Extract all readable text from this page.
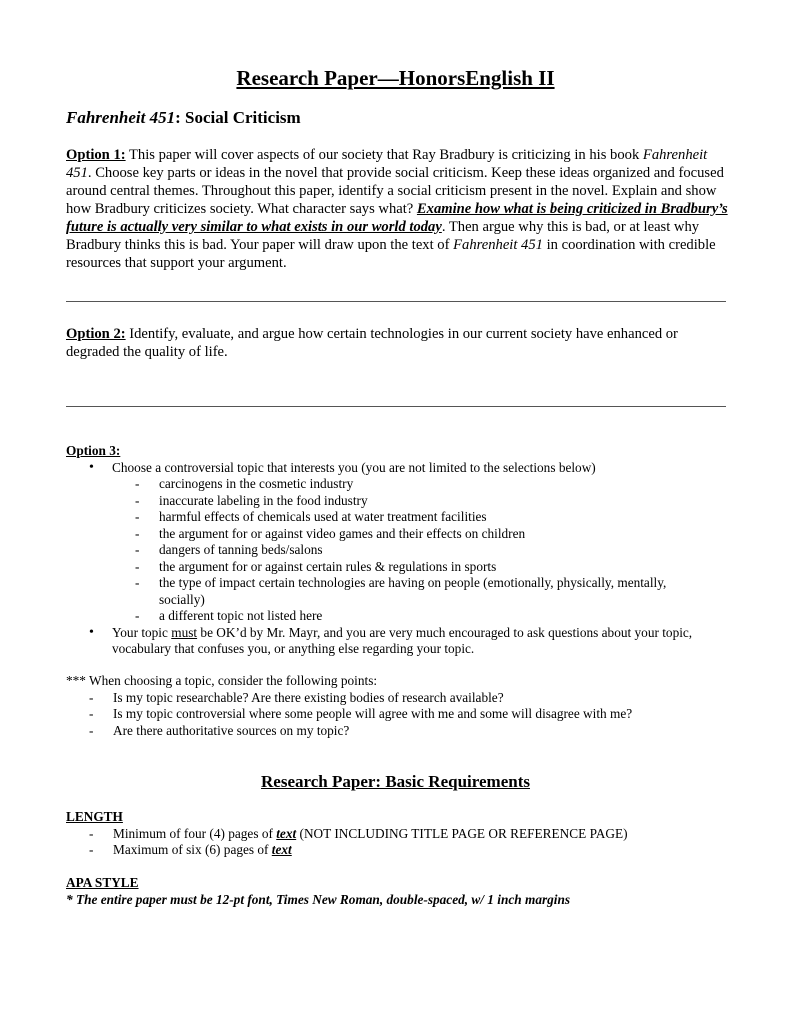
Research Paper—HonorsEnglish II
Fahrenheit 451: Social Criticism
Option 1: This paper will cover aspects of our society that Ray Bradbury is criticizing in his book Fahrenheit 451. Choose key parts or ideas in the novel that provide social criticism. Keep these ideas organized and focused around central themes. Throughout this paper, identify a social criticism present in the novel. Explain and show how Bradbury criticizes society. What character says what? Examine how what is being criticized in Bradbury’s future is actually very similar to what exists in our world today. Then argue why this is bad, or at least why Bradbury thinks this is bad. Your paper will draw upon the text of Fahrenheit 451 in coordination with credible resources that support your argument.
Option 2: Identify, evaluate, and argue how certain technologies in our current society have enhanced or degraded the quality of life.
Option 3:
• Choose a controversial topic that interests you (you are not limited to the selections below)
- carcinogens in the cosmetic industry
- inaccurate labeling in the food industry
- harmful effects of chemicals used at water treatment facilities
- the argument for or against video games and their effects on children
- dangers of tanning beds/salons
- the argument for or against certain rules & regulations in sports
- the type of impact certain technologies are having on people (emotionally, physically, mentally, socially)
- a different topic not listed here
• Your topic must be OK’d by Mr. Mayr, and you are very much encouraged to ask questions about your topic, vocabulary that confuses you, or anything else regarding your topic.
*** When choosing a topic, consider the following points:
- Is my topic researchable? Are there existing bodies of research available?
- Is my topic controversial where some people will agree with me and some will disagree with me?
- Are there authoritative sources on my topic?
Research Paper: Basic Requirements
LENGTH
- Minimum of four (4) pages of text (NOT INCLUDING TITLE PAGE OR REFERENCE PAGE)
- Maximum of six (6) pages of text
APA STYLE
* The entire paper must be 12-pt font, Times New Roman, double-spaced, w/ 1 inch margins
